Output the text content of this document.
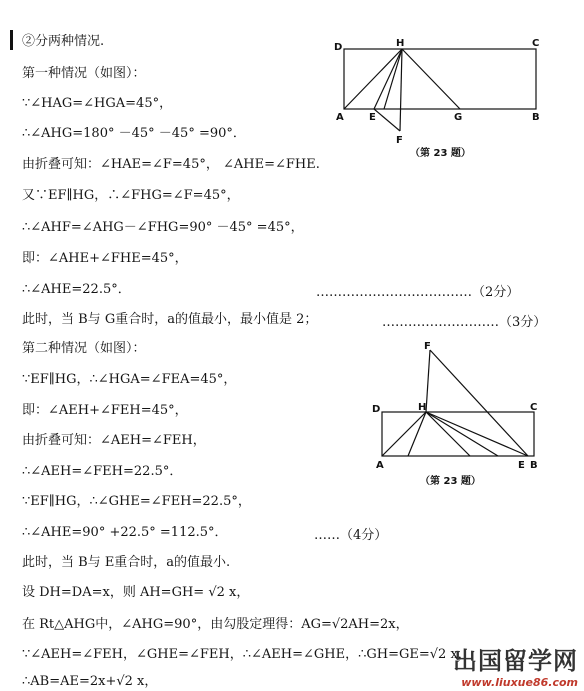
②分两种情况.
第一种情况（如图）：
∵∠HAG=∠HGA=45°，
∴∠AHG=180° －45° －45° =90°．
由折叠可知：∠HAE=∠F=45°， ∠AHE=∠FHE.
又∵EF∥HG，∴∠FHG=∠F=45°，
∴∠AHF=∠AHG－∠FHG=90° －45° =45°，
即：∠AHE+∠FHE=45°，
∴∠AHE=22.5°．
此时，当 B与 G重合时，a的值最小，最小值是 2；
第二种情况（如图）：
∵EF∥HG，∴∠HGA=∠FEA=45°，
即：∠AEH+∠FEH=45°，
由折叠可知：∠AEH=∠FEH，
∴∠AEH=∠FEH=22.5°．
∵EF∥HG，∴∠GHE=∠FEH=22.5°，
∴∠AHE=90° +22.5° =112.5°．
此时，当 B与 E重合时，a的值最小.
设 DH=DA=x，则 AH=GH= √2 x，
在 Rt△AHG中，∠AHG=90°，由勾股定理得：AG=√2AH=2x，
∵∠AEH=∠FEH，∠GHE=∠FEH，∴∠AEH=∠GHE，∴GH=GE=√2 x，
∴AB=AE=2x+√2 x，
………………………………（2分）
………………………（3分）
……（4分）
D	H	C
A	E	G	B
F
（第 23 题）
F
D	H	C
A	E B
（第 23 题）
出国留学网
www.liuxue86.com
